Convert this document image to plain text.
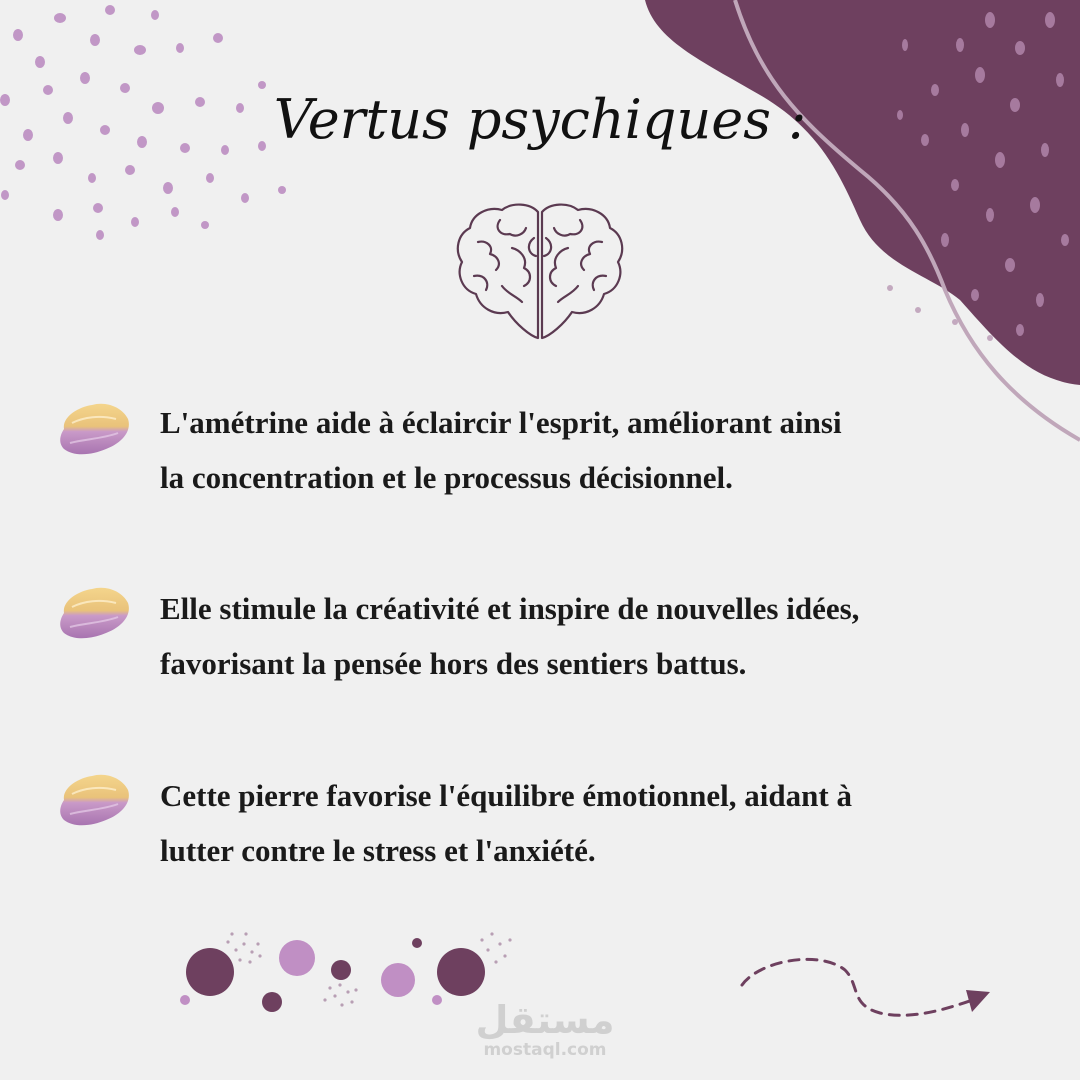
Vertus psychiques :
L'amétrine aide à éclaircir l'esprit, améliorant ainsi
la concentration et le processus décisionnel.
Elle stimule la créativité et inspire de nouvelles idées,
favorisant la pensée hors des sentiers battus.
Cette pierre favorise l'équilibre émotionnel, aidant à
lutter contre le stress et l'anxiété.
مستقل
mostaql.com
